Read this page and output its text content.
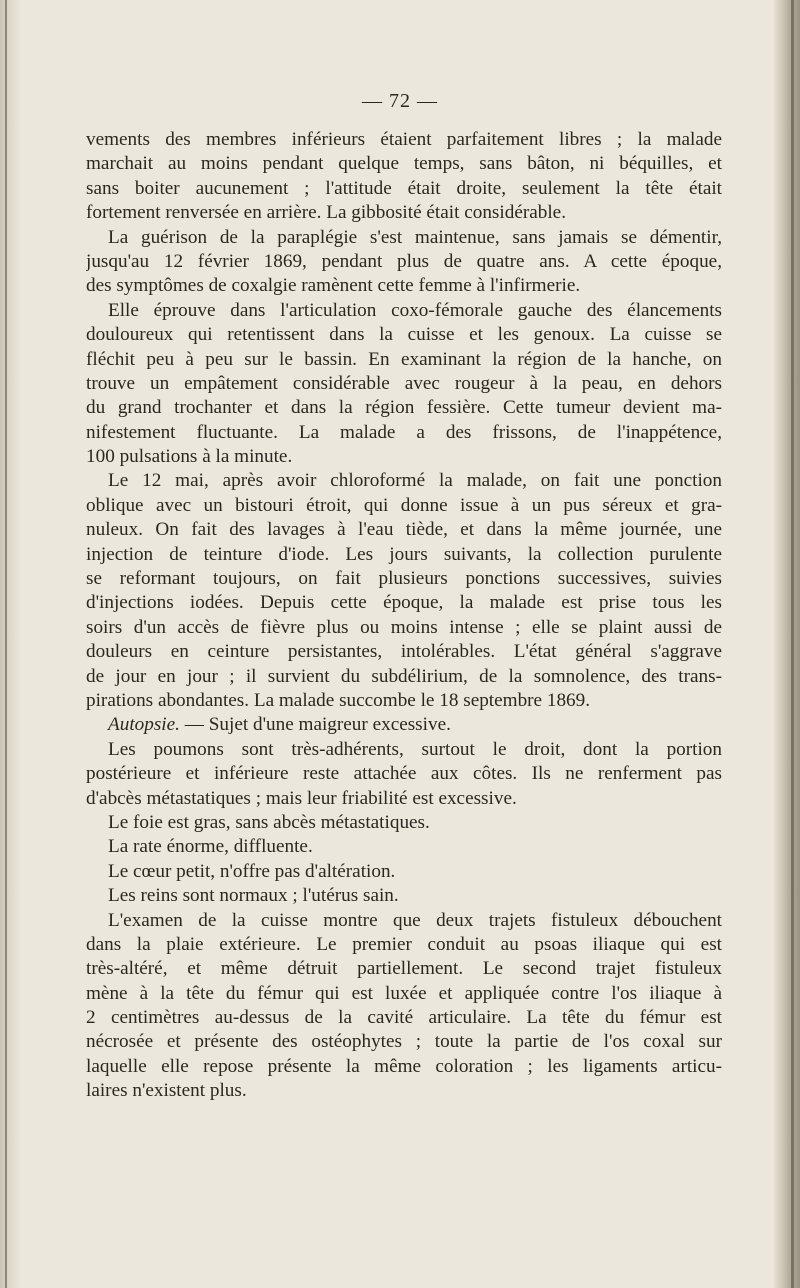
— 72 —
vements des membres inférieurs étaient parfaitement libres ; la malade
marchait au moins pendant quelque temps, sans bâton, ni béquilles, et
sans boiter aucunement ; l'attitude était droite, seulement la tête était
fortement renversée en arrière. La gibbosité était considérable.
La guérison de la paraplégie s'est maintenue, sans jamais se démentir,
jusqu'au 12 février 1869, pendant plus de quatre ans. A cette époque,
des symptômes de coxalgie ramènent cette femme à l'infirmerie.
Elle éprouve dans l'articulation coxo-fémorale gauche des élancements
douloureux qui retentissent dans la cuisse et les genoux. La cuisse se
fléchit peu à peu sur le bassin. En examinant la région de la hanche, on
trouve un empâtement considérable avec rougeur à la peau, en dehors
du grand trochanter et dans la région fessière. Cette tumeur devient ma-
nifestement fluctuante. La malade a des frissons, de l'inappétence,
100 pulsations à la minute.
Le 12 mai, après avoir chloroformé la malade, on fait une ponction
oblique avec un bistouri étroit, qui donne issue à un pus séreux et gra-
nuleux. On fait des lavages à l'eau tiède, et dans la même journée, une
injection de teinture d'iode. Les jours suivants, la collection purulente
se reformant toujours, on fait plusieurs ponctions successives, suivies
d'injections iodées. Depuis cette époque, la malade est prise tous les
soirs d'un accès de fièvre plus ou moins intense ; elle se plaint aussi de
douleurs en ceinture persistantes, intolérables. L'état général s'aggrave
de jour en jour ; il survient du subdélirium, de la somnolence, des trans-
pirations abondantes. La malade succombe le 18 septembre 1869.
Autopsie. — Sujet d'une maigreur excessive.
Les poumons sont très-adhérents, surtout le droit, dont la portion
postérieure et inférieure reste attachée aux côtes. Ils ne renferment pas
d'abcès métastatiques ; mais leur friabilité est excessive.
Le foie est gras, sans abcès métastatiques.
La rate énorme, diffluente.
Le cœur petit, n'offre pas d'altération.
Les reins sont normaux ; l'utérus sain.
L'examen de la cuisse montre que deux trajets fistuleux débouchent
dans la plaie extérieure. Le premier conduit au psoas iliaque qui est
très-altéré, et même détruit partiellement. Le second trajet fistuleux
mène à la tête du fémur qui est luxée et appliquée contre l'os iliaque à
2 centimètres au-dessus de la cavité articulaire. La tête du fémur est
nécrosée et présente des ostéophytes ; toute la partie de l'os coxal sur
laquelle elle repose présente la même coloration ; les ligaments articu-
laires n'existent plus.
